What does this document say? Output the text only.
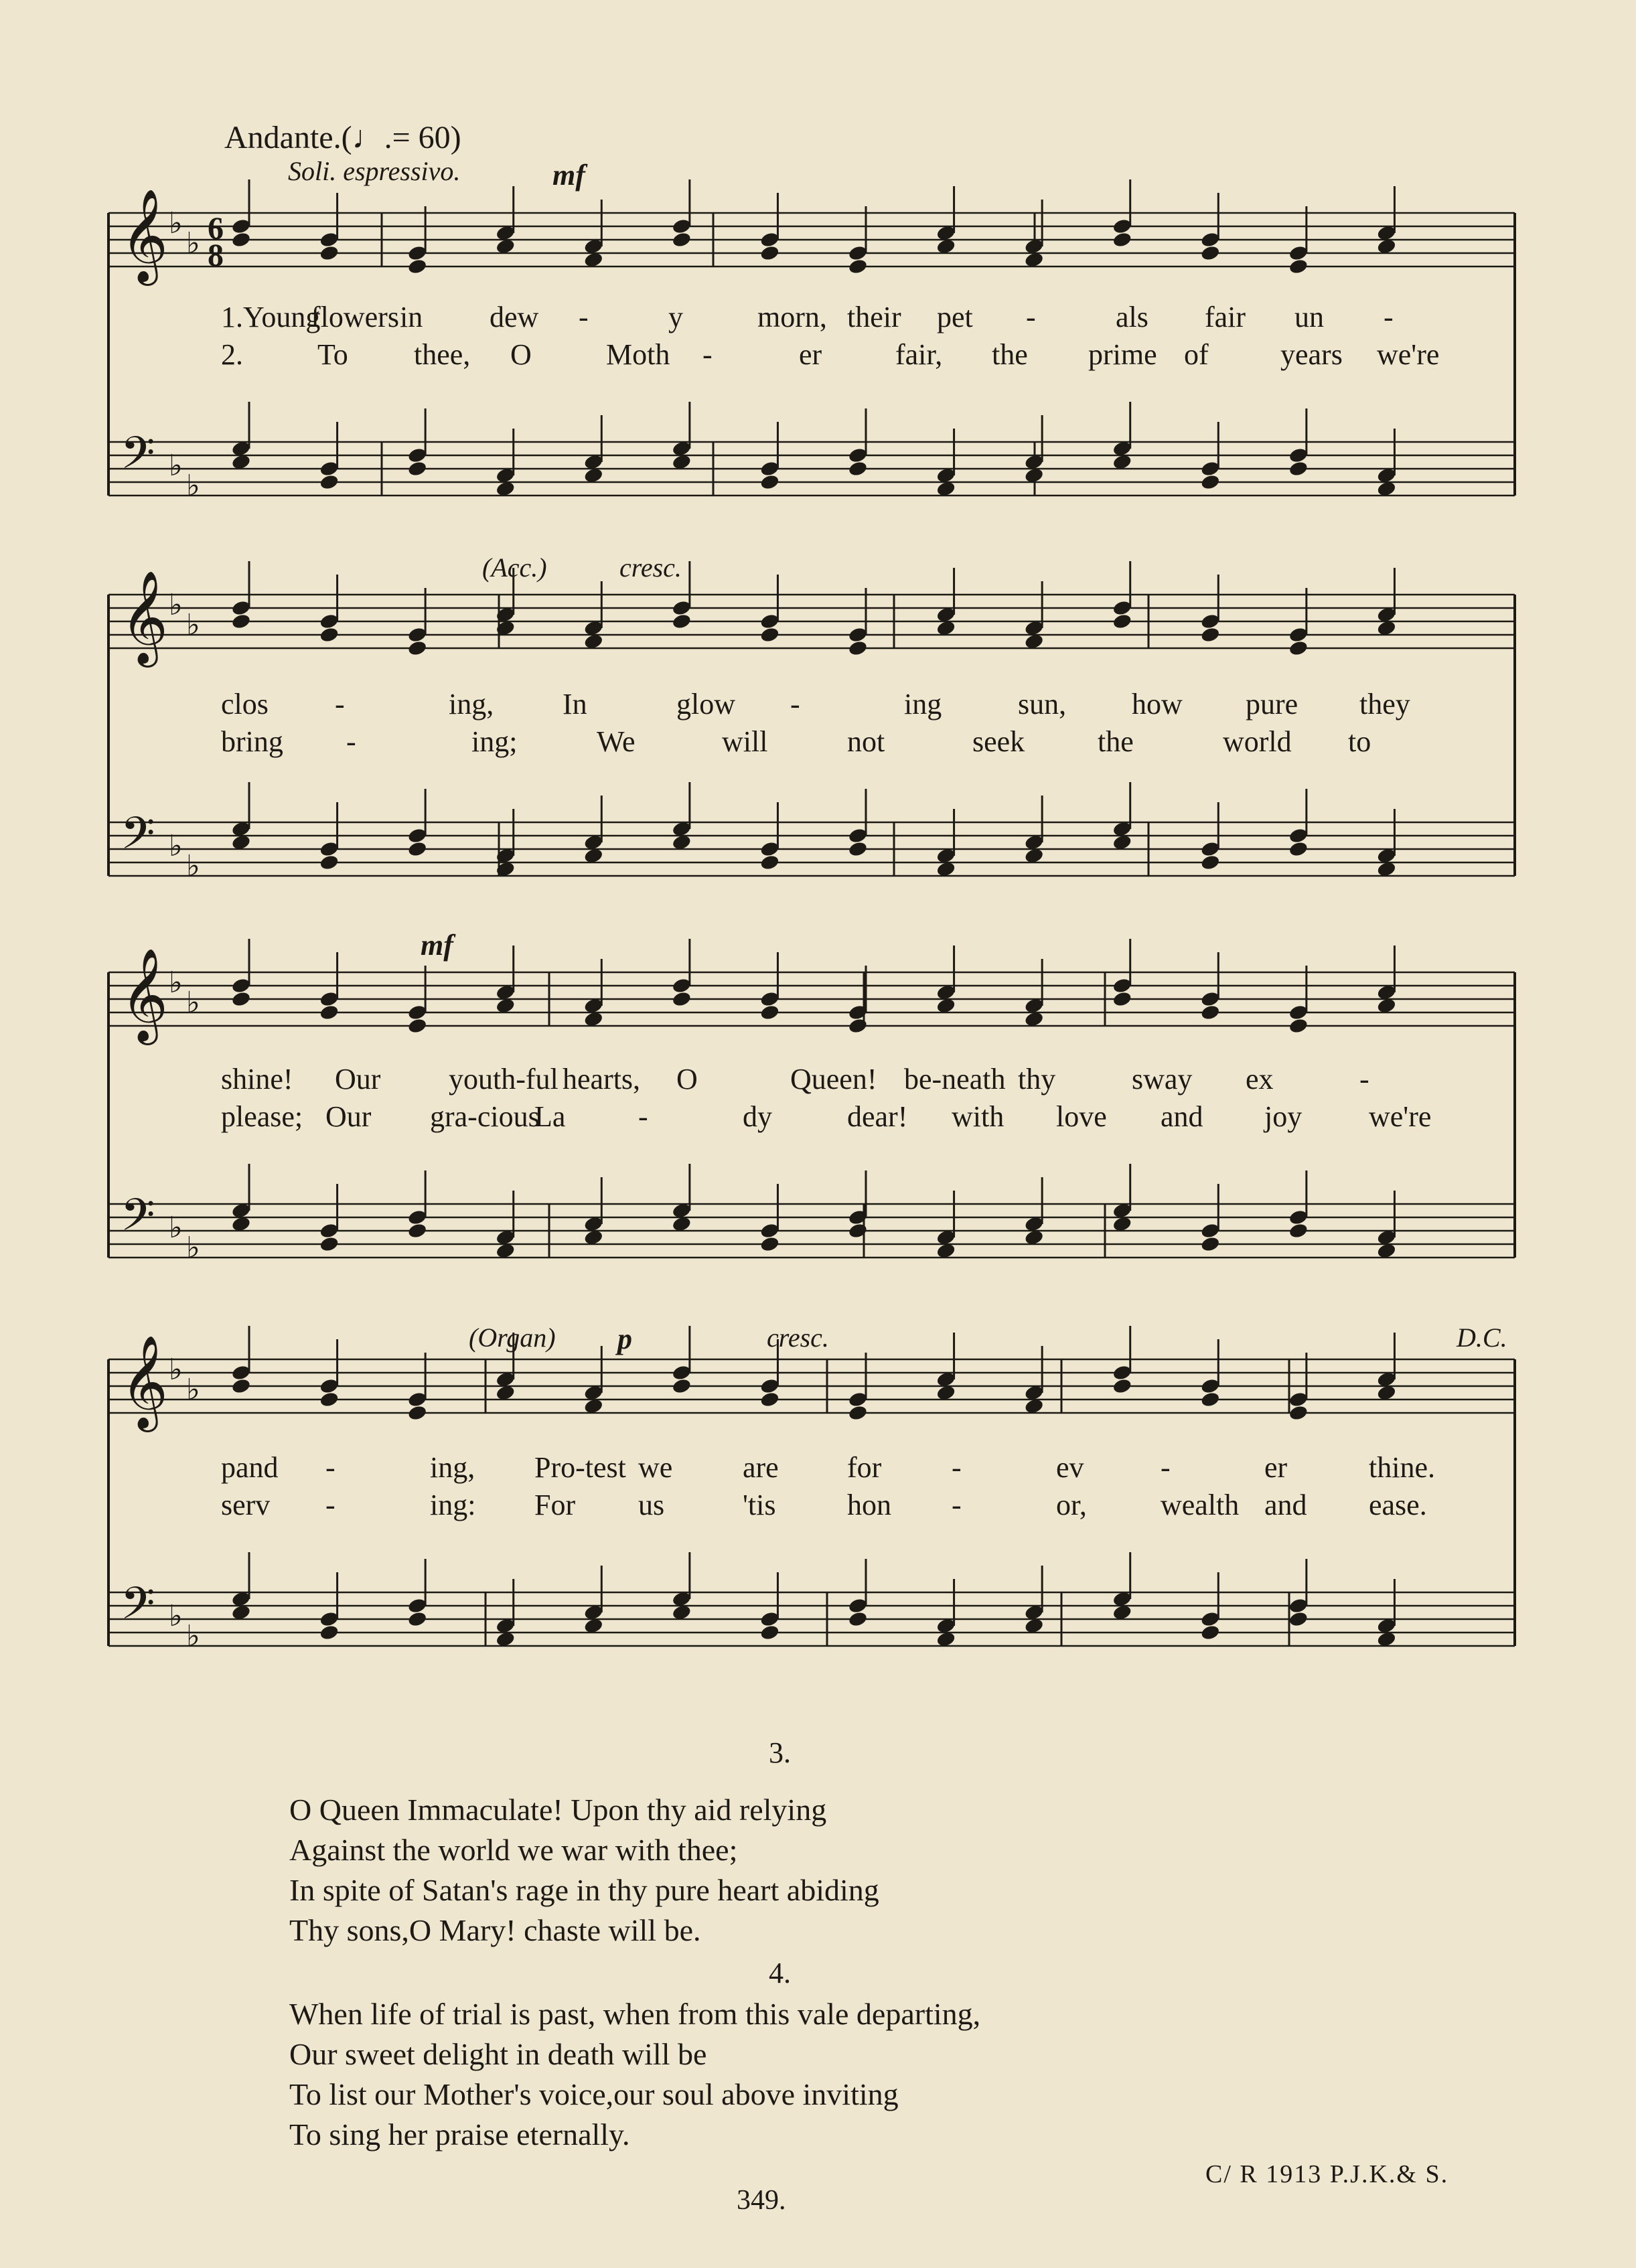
𝄞 ♭
♭
𝄢 ♭
♭
𝄞 ♭
♭
𝄢 ♭
♭
𝄞 ♭
♭
𝄢 ♭
♭
𝄞 ♭
♭
𝄢 ♭
♭
6
8
Andante.(♩.= 60)
Soli. espressivo.	mf
(Acc.)	cresc.
mf
(Organ) p	cresc.	D.C.
1.Young
flowers in dew -	y	morn, their pet -	als fair un -
2.	To thee, O	Moth -	er fair, the prime of years we're
clos -	ing, In	glow -	ing	sun, how pure they
bring -	ing;	We	will	not	seek the	world to
shine! Our youth-ful hearts, O	Queen! be-neath thy	sway ex	-
please; Our gra-cious
La -	dy	dear! with love and joy we're
pand -	ing, Pro-test we are for -	ev	-	er	thine.
serv -	ing: For us	'tis hon -	or,	wealth and ease.
3.
O Queen Immaculate! Upon thy aid relying
Against the world we war with thee;
In spite of Satan's rage in thy pure heart abiding
Thy sons,O Mary! chaste will be.
4.
When life of trial is past, when from this vale departing,
Our sweet delight in death will be
To list our Mother's voice,our soul above inviting
To sing her praise eternally.
349.
C/ R 1913 P.J.K.& S.
